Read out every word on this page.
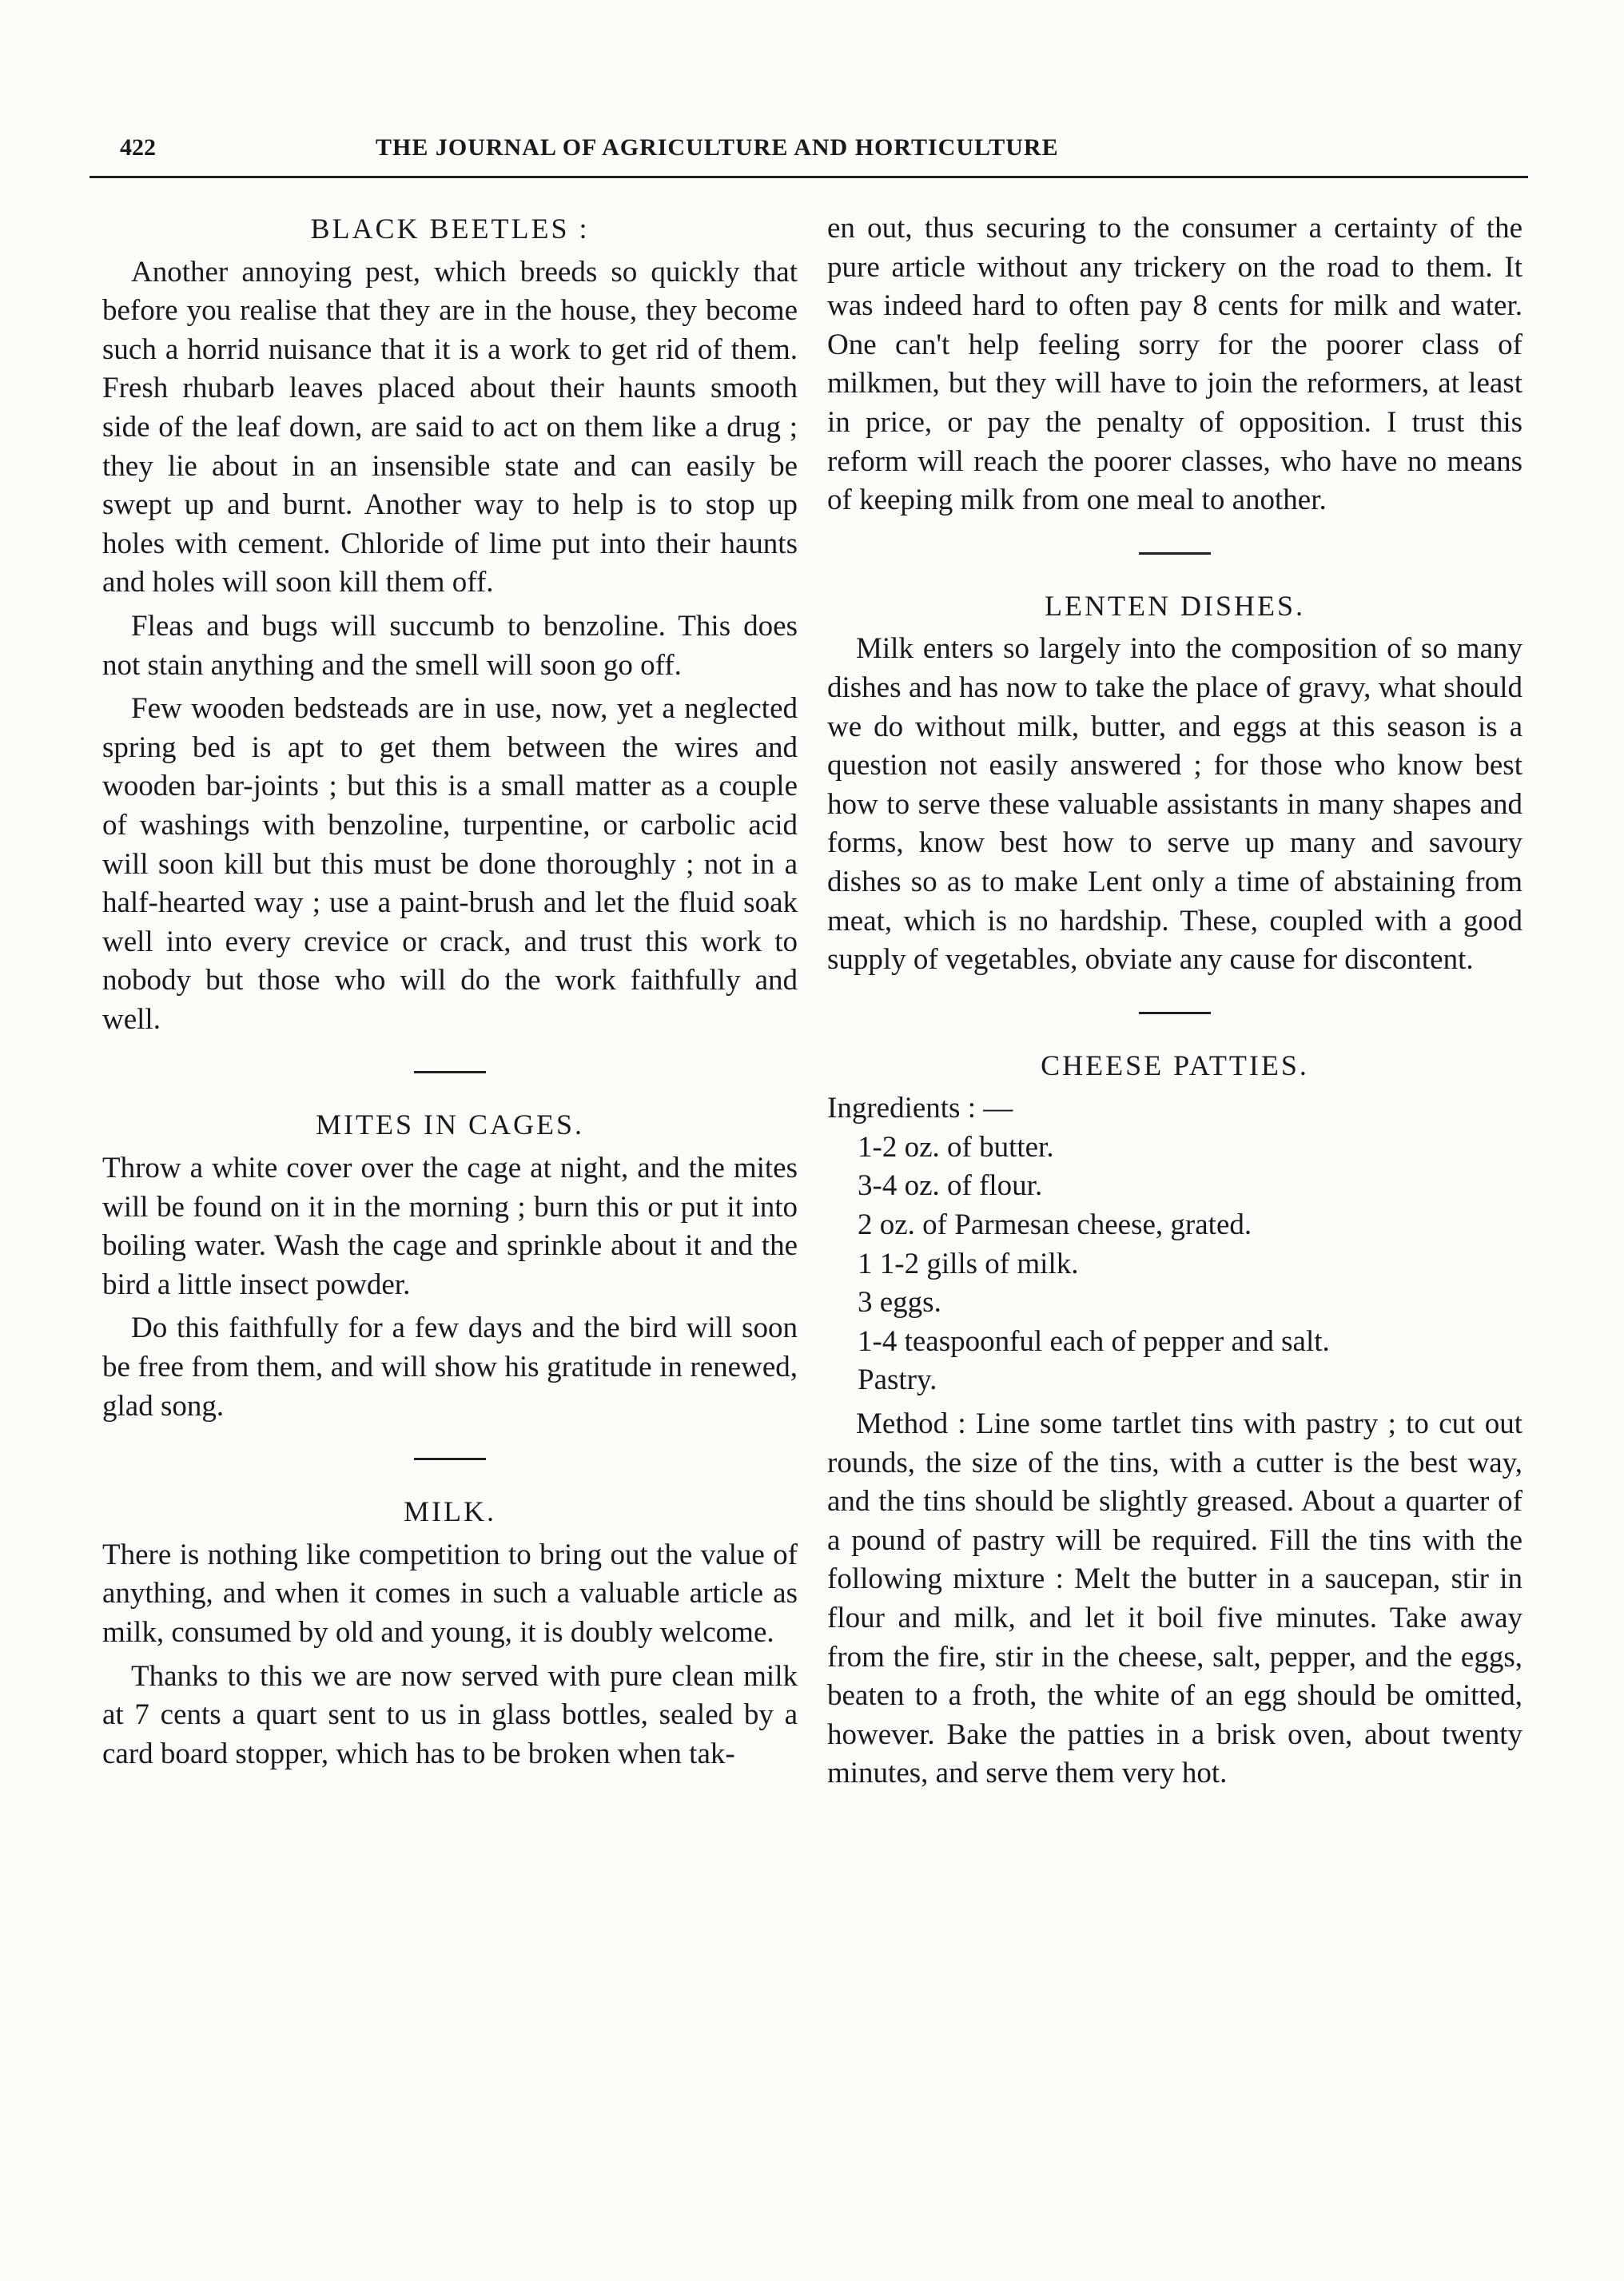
422	THE JOURNAL OF AGRICULTURE AND HORTICULTURE
BLACK BEETLES :

Another annoying pest, which breeds so quickly that before you realise that they are in the house, they become such a horrid nuisance that it is a work to get rid of them. Fresh rhubarb leaves placed about their haunts smooth side of the leaf down, are said to act on them like a drug ; they lie about in an insensible state and can easily be swept up and burnt. Another way to help is to stop up holes with cement. Chloride of lime put into their haunts and holes will soon kill them off.

Fleas and bugs will succumb to benzoline. This does not stain anything and the smell will soon go off.

Few wooden bedsteads are in use, now, yet a neglected spring bed is apt to get them between the wires and wooden bar-joints ; but this is a small matter as a couple of washings with benzoline, turpentine, or carbolic acid will soon kill but this must be done thoroughly ; not in a half-hearted way ; use a paint-brush and let the fluid soak well into every crevice or crack, and trust this work to nobody but those who will do the work faithfully and well.

MITES IN CAGES.

Throw a white cover over the cage at night, and the mites will be found on it in the morning ; burn this or put it into boiling water. Wash the cage and sprinkle about it and the bird a little insect powder.

Do this faithfully for a few days and the bird will soon be free from them, and will show his gratitude in renewed, glad song.

MILK.

There is nothing like competition to bring out the value of anything, and when it comes in such a valuable article as milk, consumed by old and young, it is doubly welcome.

Thanks to this we are now served with pure clean milk at 7 cents a quart sent to us in glass bottles, sealed by a card board stopper, which has to be broken when tak-

en out, thus securing to the consumer a certainty of the pure article without any trickery on the road to them. It was indeed hard to often pay 8 cents for milk and water. One can't help feeling sorry for the poorer class of milkmen, but they will have to join the reformers, at least in price, or pay the penalty of opposition. I trust this reform will reach the poorer classes, who have no means of keeping milk from one meal to another.

LENTEN DISHES.

Milk enters so largely into the composition of so many dishes and has now to take the place of gravy, what should we do without milk, butter, and eggs at this season is a question not easily answered ; for those who know best how to serve these valuable assistants in many shapes and forms, know best how to serve up many and savoury dishes so as to make Lent only a time of abstaining from meat, which is no hardship. These, coupled with a good supply of vegetables, obviate any cause for discontent.

CHEESE PATTIES.

Ingredients : —

1-2 oz. of butter.

3-4 oz. of flour.

2 oz. of Parmesan cheese, grated.

1 1-2 gills of milk.

3 eggs.

1-4 teaspoonful each of pepper and salt.

Pastry.

Method : Line some tartlet tins with pastry ; to cut out rounds, the size of the tins, with a cutter is the best way, and the tins should be slightly greased. About a quarter of a pound of pastry will be required. Fill the tins with the following mixture : Melt the butter in a saucepan, stir in flour and milk, and let it boil five minutes. Take away from the fire, stir in the cheese, salt, pepper, and the eggs, beaten to a froth, the white of an egg should be omitted, however. Bake the patties in a brisk oven, about twenty minutes, and serve them very hot.
